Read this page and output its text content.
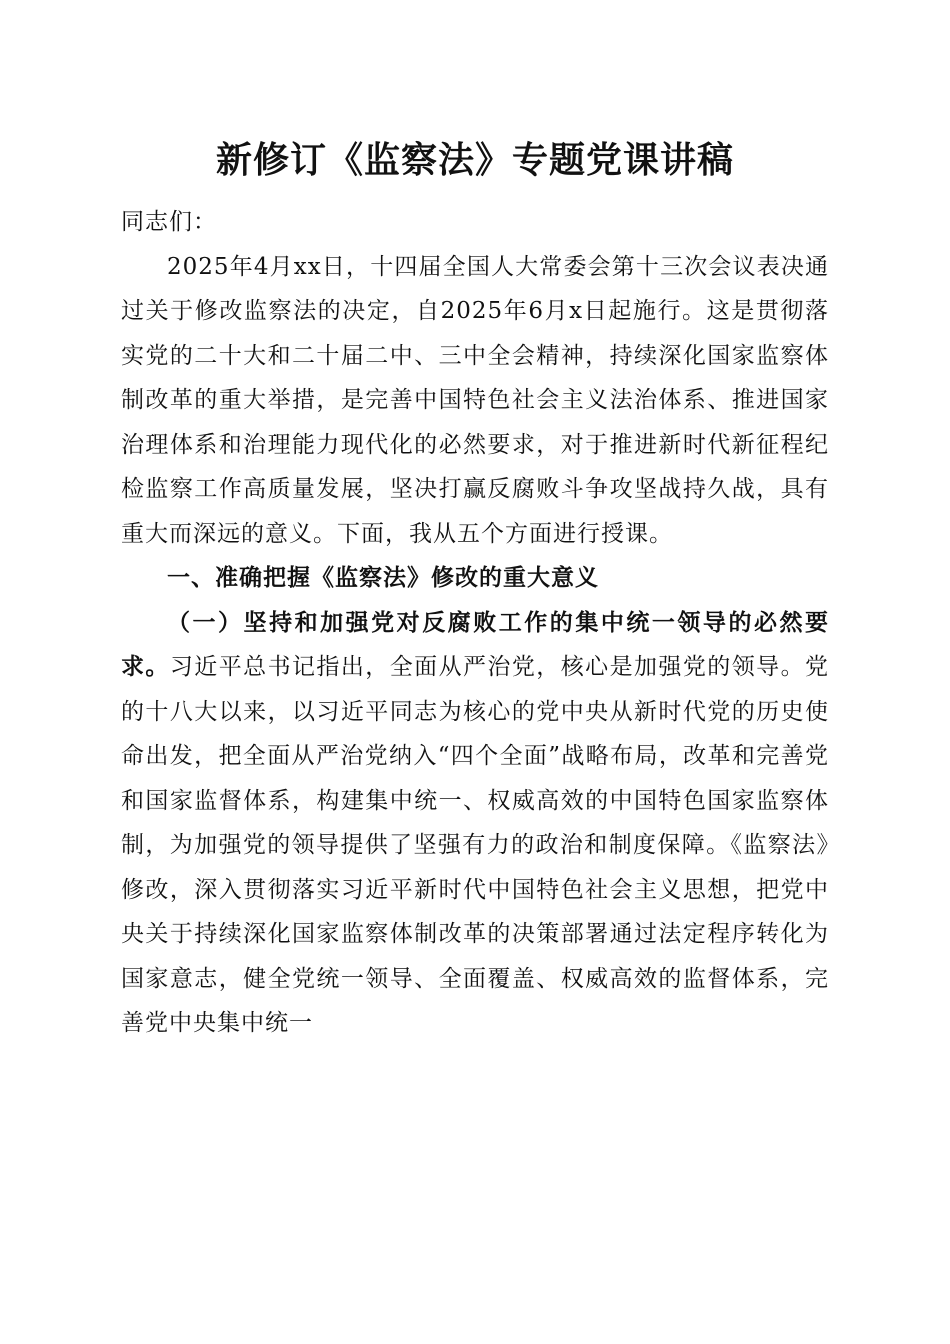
新修订《监察法》专题党课讲稿

同志们：

2025年4月xx日，十四届全国人大常委会第十三次会议表决通过关于修改监察法的决定，自2025年6月x日起施行。这是贯彻落实党的二十大和二十届二中、三中全会精神，持续深化国家监察体制改革的重大举措，是完善中国特色社会主义法治体系、推进国家治理体系和治理能力现代化的必然要求，对于推进新时代新征程纪检监察工作高质量发展，坚决打赢反腐败斗争攻坚战持久战，具有重大而深远的意义。下面，我从五个方面进行授课。

一、准确把握《监察法》修改的重大意义

（一）坚持和加强党对反腐败工作的集中统一领导的必然要求。习近平总书记指出，全面从严治党，核心是加强党的领导。党的十八大以来，以习近平同志为核心的党中央从新时代党的历史使命出发，把全面从严治党纳入“四个全面”战略布局，改革和完善党和国家监督体系，构建集中统一、权威高效的中国特色国家监察体制，为加强党的领导提供了坚强有力的政治和制度保障。《监察法》修改，深入贯彻落实习近平新时代中国特色社会主义思想，把党中央关于持续深化国家监察体制改革的决策部署通过法定程序转化为国家意志，健全党统一领导、全面覆盖、权威高效的监督体系，完善党中央集中统一
